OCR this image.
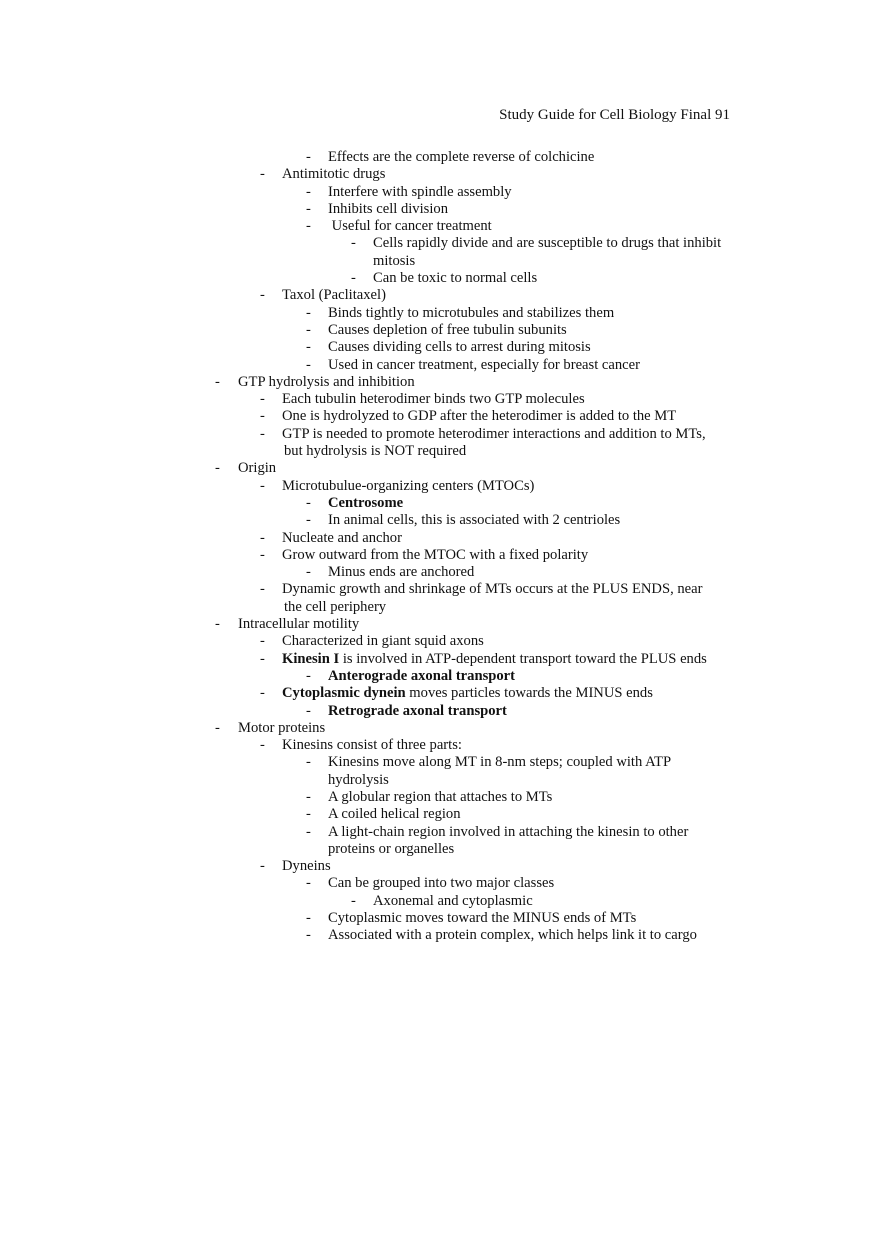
Study Guide for Cell Biology Final 91
- Effects are the complete reverse of colchicine
- Antimitotic drugs
- Interfere with spindle assembly
- Inhibits cell division
- Useful for cancer treatment
- Cells rapidly divide and are susceptible to drugs that inhibit
mitosis
- Can be toxic to normal cells
- Taxol (Paclitaxel)
- Binds tightly to microtubules and stabilizes them
- Causes depletion of free tubulin subunits
- Causes dividing cells to arrest during mitosis
- Used in cancer treatment, especially for breast cancer
- GTP hydrolysis and inhibition
- Each tubulin heterodimer binds two GTP molecules
- One is hydrolyzed to GDP after the heterodimer is added to the MT
- GTP is needed to promote heterodimer interactions and addition to MTs,
but hydrolysis is NOT required
- Origin
- Microtubulue-organizing centers (MTOCs)
- Centrosome
- In animal cells, this is associated with 2 centrioles
- Nucleate and anchor
- Grow outward from the MTOC with a fixed polarity
- Minus ends are anchored
- Dynamic growth and shrinkage of MTs occurs at the PLUS ENDS, near
the cell periphery
- Intracellular motility
- Characterized in giant squid axons
- Kinesin I is involved in ATP-dependent transport toward the PLUS ends
- Anterograde axonal transport
- Cytoplasmic dynein moves particles towards the MINUS ends
- Retrograde axonal transport
- Motor proteins
- Kinesins consist of three parts:
- Kinesins move along MT in 8-nm steps; coupled with ATP
hydrolysis
- A globular region that attaches to MTs
- A coiled helical region
- A light-chain region involved in attaching the kinesin to other
proteins or organelles
- Dyneins
- Can be grouped into two major classes
- Axonemal and cytoplasmic
- Cytoplasmic moves toward the MINUS ends of MTs
- Associated with a protein complex, which helps link it to cargo
